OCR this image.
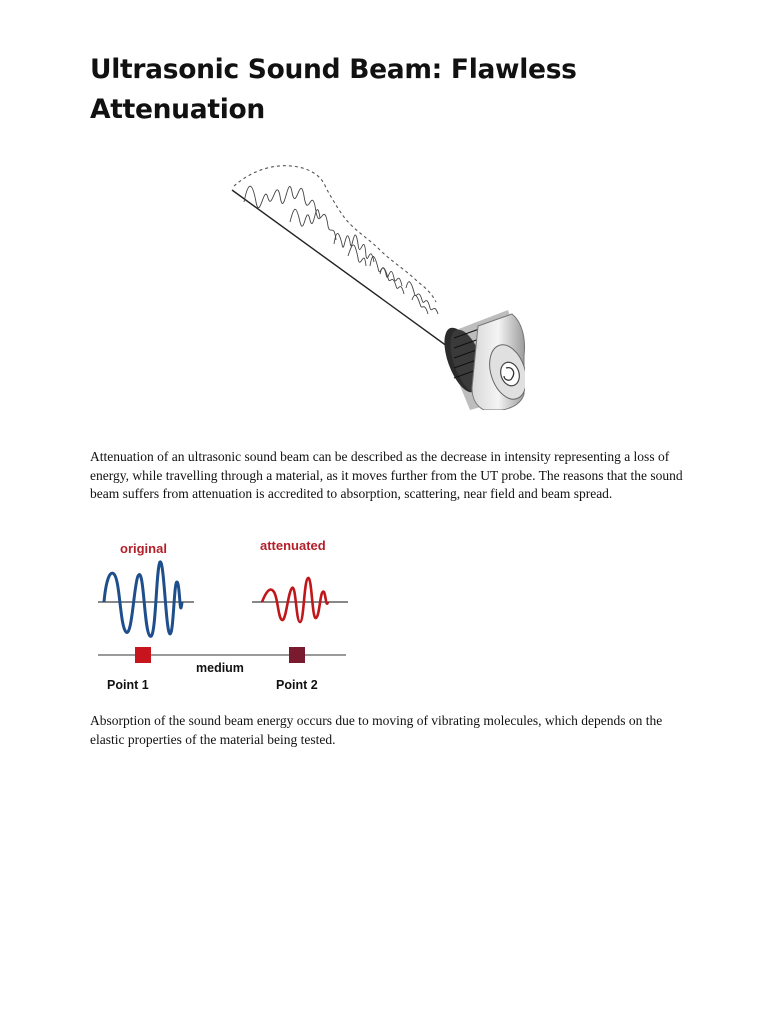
Ultrasonic Sound Beam: Flawless Attenuation
Attenuation of an ultrasonic sound beam can be described as the decrease in intensity representing a loss of energy, while travelling through a material, as it moves further from the UT probe. The reasons that the sound beam suffers from attenuation is accredited to absorption, scattering, near field and beam spread.
original	attenuated
medium
Point 1	Point 2
Absorption of the sound beam energy occurs due to moving of vibrating molecules, which depends on the elastic properties of the material being tested.
